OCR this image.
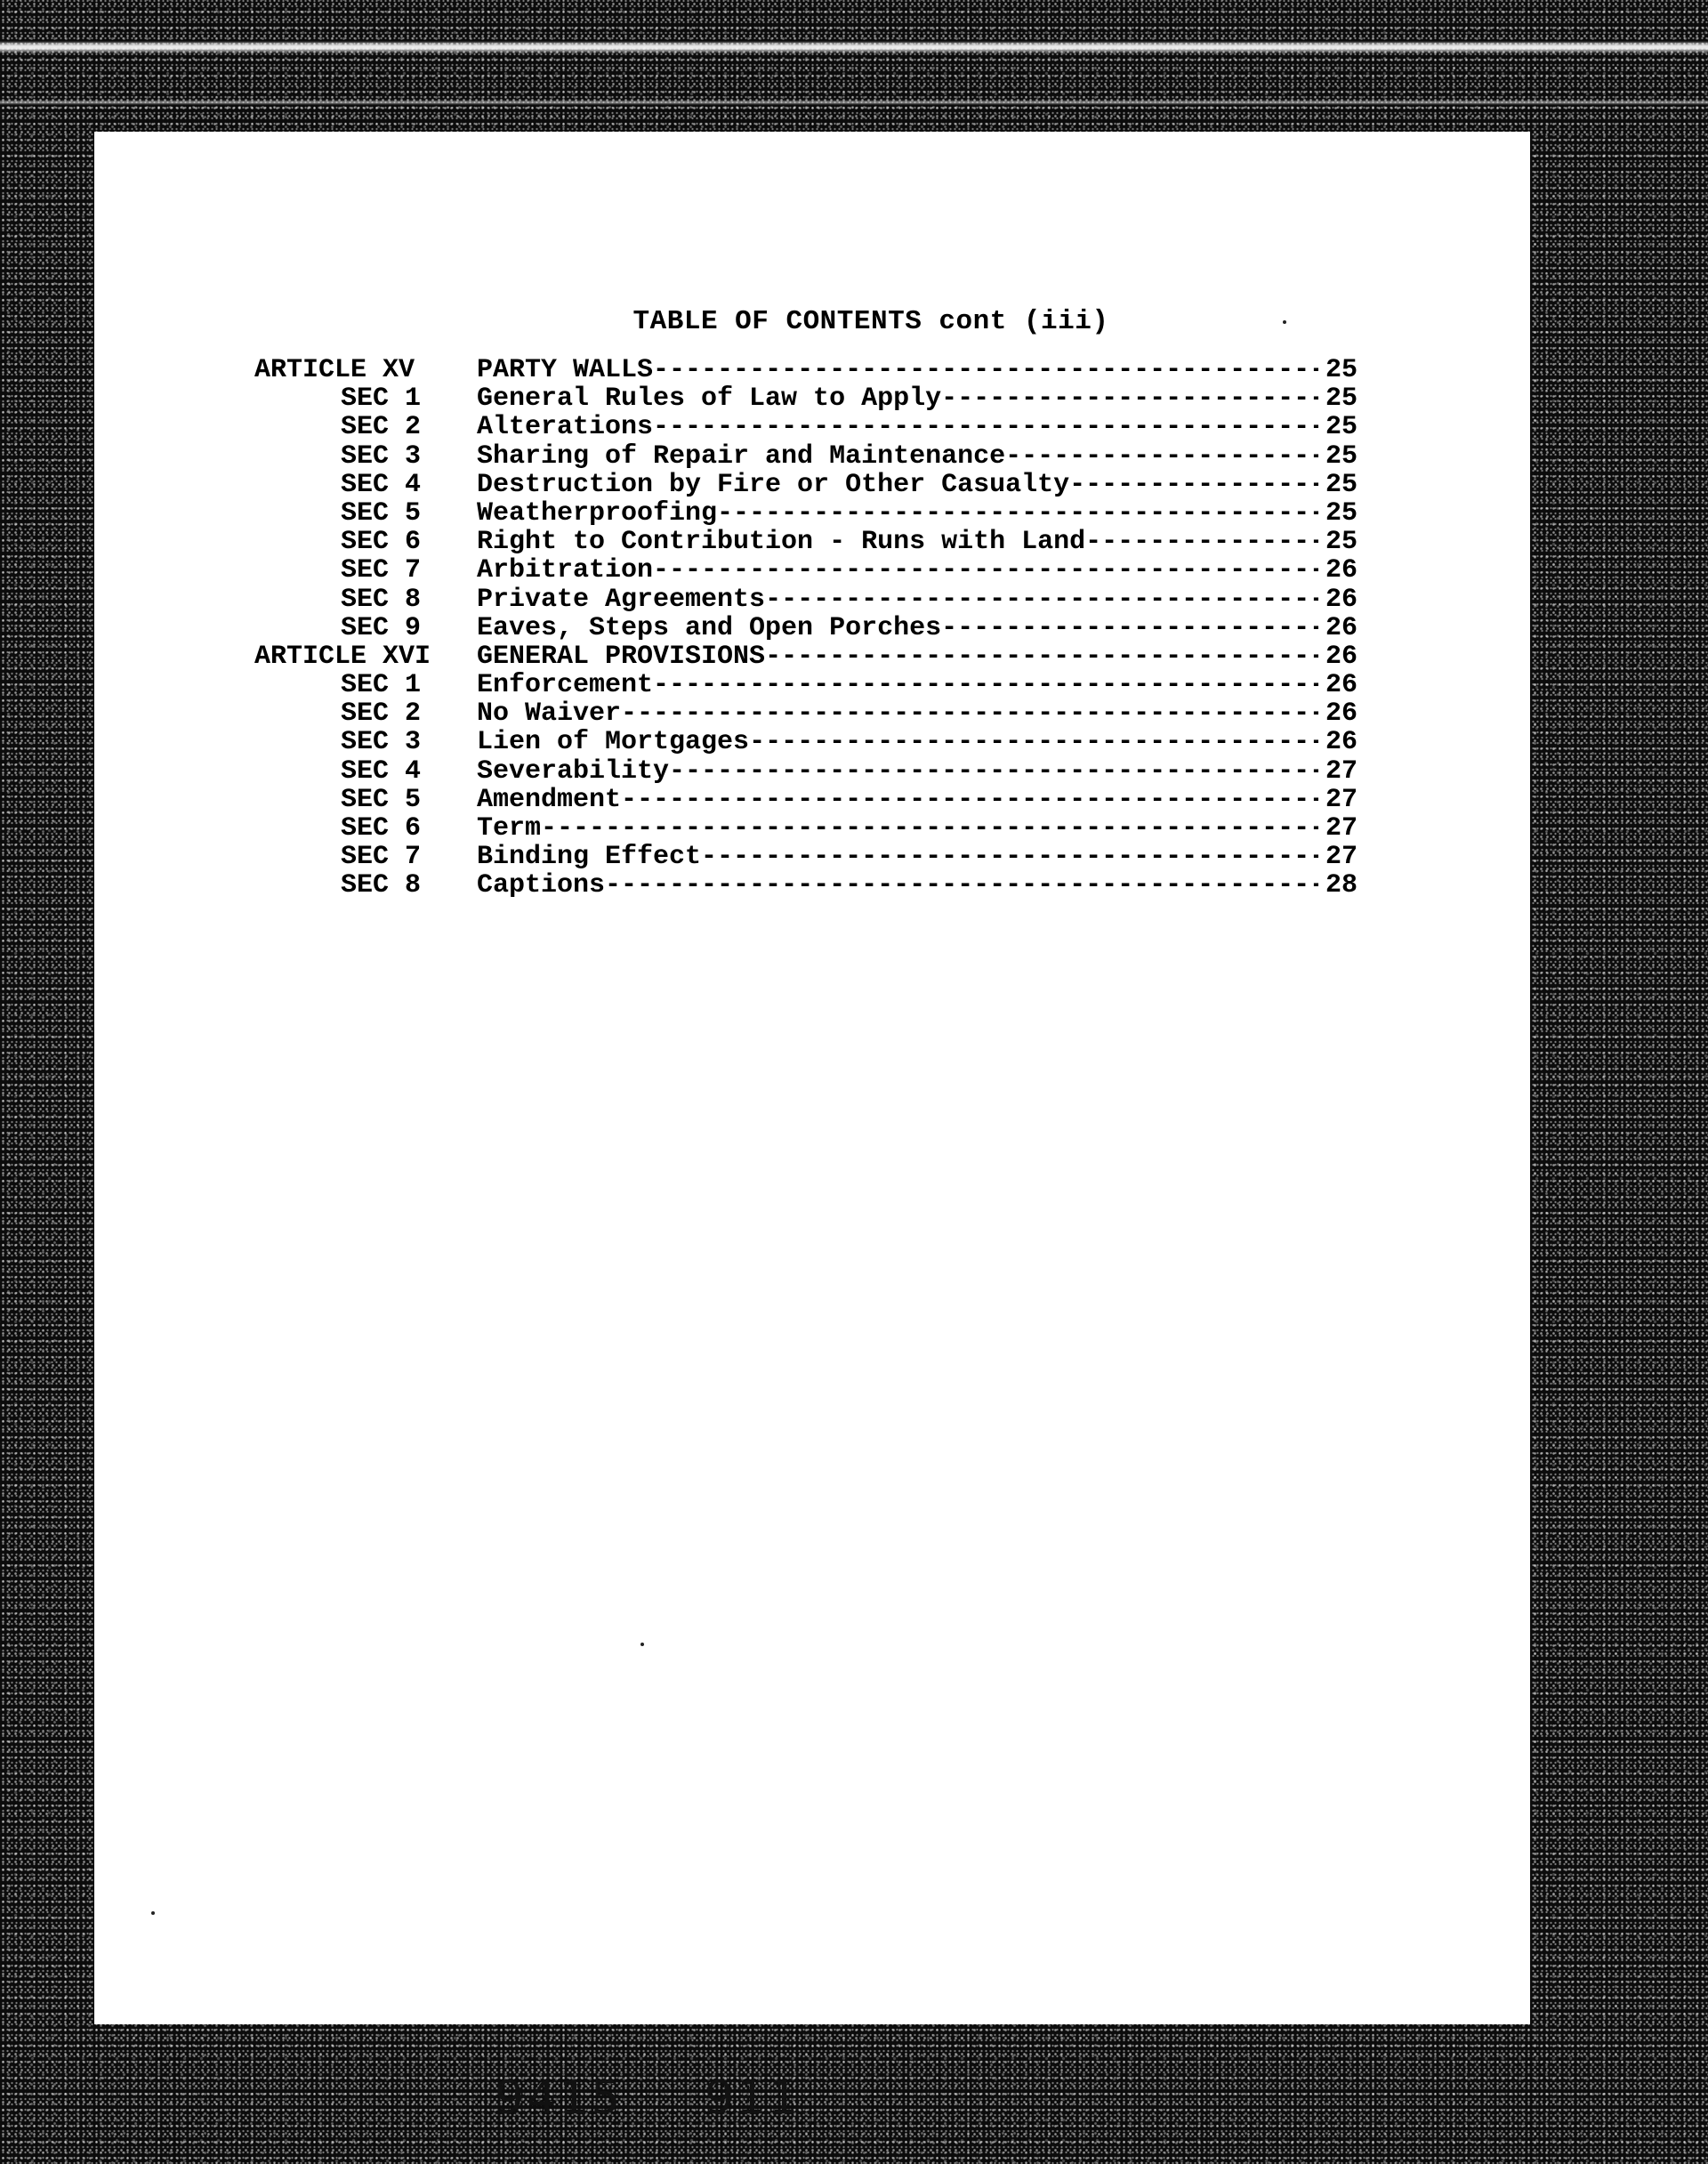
TABLE OF CONTENTS cont (iii)
ARTICLE XV	PARTY WALLS -----	25
SEC 1	General Rules of Law to Apply -----	25
SEC 2	Alterations -----	25
SEC 3	Sharing of Repair and Maintenance -----	25
SEC 4	Destruction by Fire or Other Casualty -----	25
SEC 5	Weatherproofing -----	25
SEC 6	Right to Contribution - Runs with Land -----	25
SEC 7	Arbitration -----	26
SEC 8	Private Agreements -----	26
SEC 9	Eaves, Steps and Open Porches -----	26
ARTICLE XVI	GENERAL PROVISIONS -----	26
SEC 1	Enforcement -----	26
SEC 2	No Waiver -----	26
SEC 3	Lien of Mortgages -----	26
SEC 4	Severability -----	27
SEC 5	Amendment -----	27
SEC 6	Term -----	27
SEC 7	Binding Effect -----	27
SEC 8	Captions -----	28
9415 911
